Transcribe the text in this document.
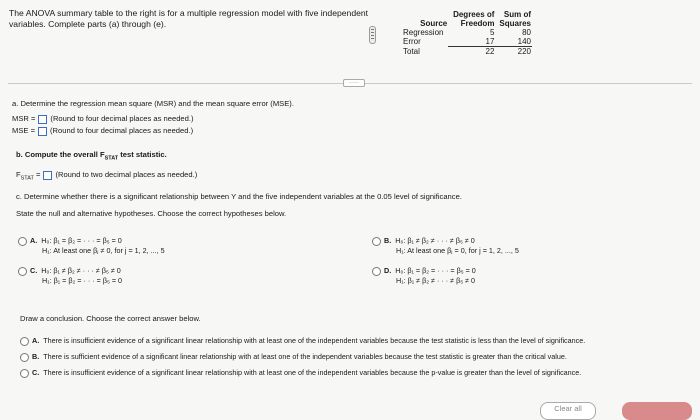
The ANOVA summary table to the right is for a multiple regression model with five independent variables. Complete parts (a) through (e).
	Degrees of	Sum of
Source	Freedom	Squares
Regression	5	80
Error	17	140
Total	22	220
·····
a. Determine the regression mean square (MSR) and the mean square error (MSE).
MSR = (Round to four decimal places as needed.)
MSE = (Round to four decimal places as needed.)
b. Compute the overall $F_{STAT}$ test statistic.
$F_{STAT}$ = (Round to two decimal places as needed.)
c. Determine whether there is a significant relationship between Y and the five independent variables at the 0.05 level of significance.
State the null and alternative hypotheses. Choose the correct hypotheses below.
A. H₀: β₁ = β₂ = · · · = β₅ = 0
H₁: At least one βⱼ ≠ 0, for j = 1, 2, ..., 5
B. H₀: β₁ ≠ β₂ ≠ · · · ≠ β₅ ≠ 0
H₁: At least one βⱼ = 0, for j = 1, 2, ..., 5
C. H₀: β₁ ≠ β₂ ≠ · · · ≠ β₅ ≠ 0
H₁: β₁ = β₂ = · · · = β₅ = 0
D. H₀: β₁ = β₂ = · · · = β₅ = 0
H₁: β₁ ≠ β₂ ≠ · · · ≠ β₅ ≠ 0
Draw a conclusion. Choose the correct answer below.
A. There is insufficient evidence of a significant linear relationship with at least one of the independent variables because the test statistic is less than the level of significance.
B. There is sufficient evidence of a significant linear relationship with at least one of the independent variables because the test statistic is greater than the critical value.
C. There is insufficient evidence of a significant linear relationship with at least one of the independent variables because the p-value is greater than the level of significance.
Clear all
